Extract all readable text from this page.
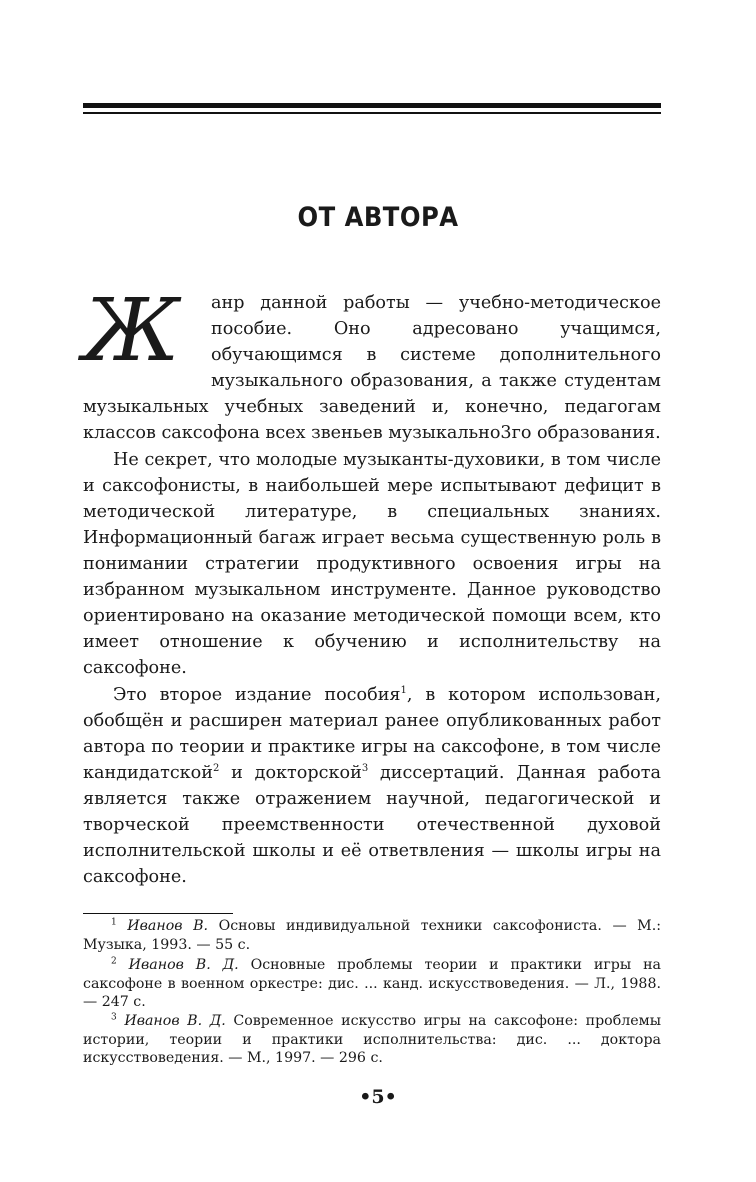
ОТ АВТОРА

Ж	анр данной работы — учебно-методическое пособие. Оно адресовано учащимся, обучающимся в системе дополнительного музыкального образования, а также студентам музыкальных учебных заведений и, конечно, педагогам классов саксофона всех звеньев музыкально3го образования.

Не секрет, что молодые музыканты-духовики, в том числе и саксофонисты, в наибольшей мере испытывают дефицит в методической литературе, в специальных знаниях. Информационный багаж играет весьма существенную роль в понимании стратегии продуктивного освоения игры на избранном музыкальном инструменте. Данное руководство ориентировано на оказание методической помощи всем, кто имеет отношение к обучению и исполнительству на саксофоне.

Это второе издание пособия$^1$, в котором использован, обобщён и расширен материал ранее опубликованных работ автора по теории и практике игры на саксофоне, в том числе кандидатской$^2$ и докторской$^3$ диссертаций. Данная работа является также отражением научной, педагогической и творческой преемственности отечественной духовой исполнительской школы и её ответвления — школы игры на саксофоне.

$^1$ Иванов В. Основы индивидуальной техники саксофониста. — М.: Музыка, 1993. — 55 с.

$^2$ Иванов В. Д. Основные проблемы теории и практики игры на саксофоне в военном оркестре: дис. ... канд. искусствоведения. — Л., 1988. — 247 с.

$^3$ Иванов В. Д. Современное искусство игры на саксофоне: проблемы истории, теории и практики исполнительства: дис. ... доктора искусствоведения. — М., 1997. — 296 с.

•5•
